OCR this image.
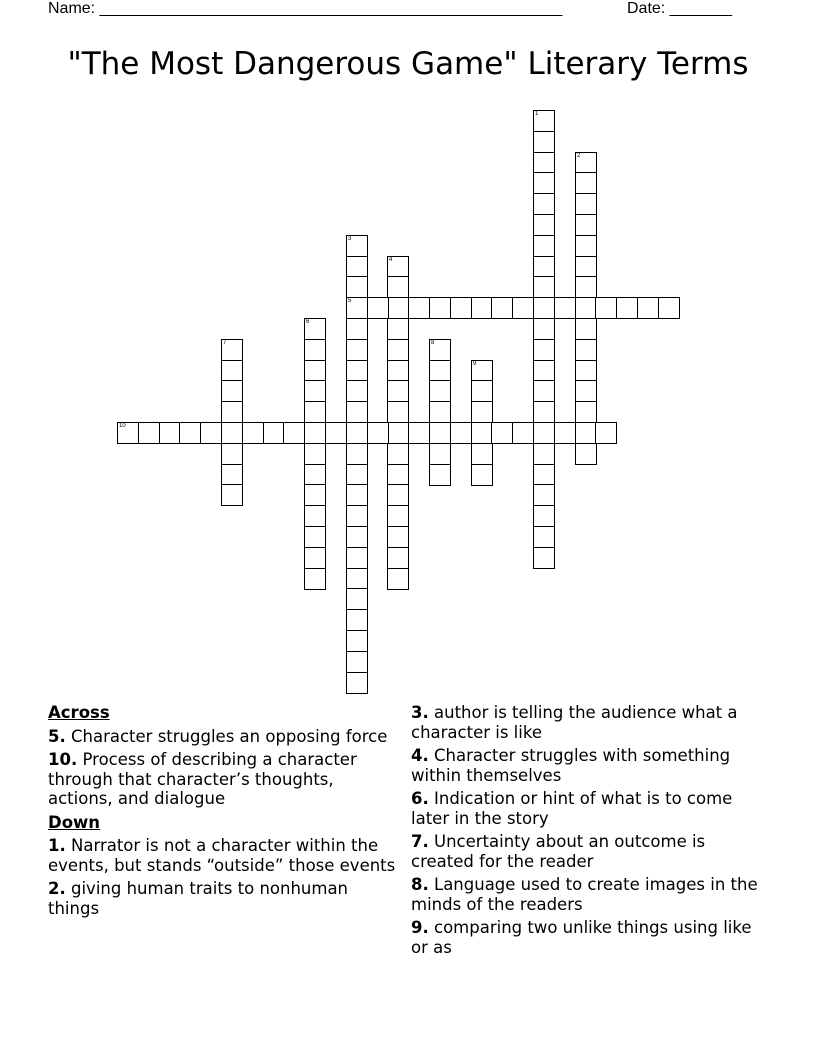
Name: ____________________________________________________	Date: _______
"The Most Dangerous Game" Literary Terms
1
2
3
5
4
6
7	8
9
10
Across
5. Character struggles an opposing force
10. Process of describing a character through that character’s thoughts, actions, and dialogue
Down
1. Narrator is not a character within the events, but stands “outside” those events
2. giving human traits to nonhuman things
3. author is telling the audience what a character is like
4. Character struggles with something within themselves
6. Indication or hint of what is to come later in the story
7. Uncertainty about an outcome is created for the reader
8. Language used to create images in the minds of the readers
9. comparing two unlike things using like or as
